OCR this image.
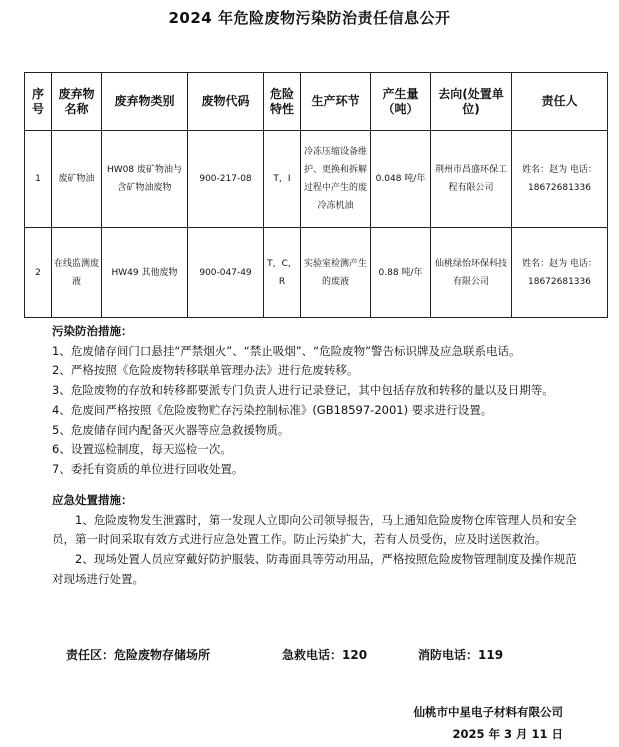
2024 年危险废物污染防治责任信息公开
序号	废弃物名称	废弃物类别	废物代码	危险特性	生产环节	产生量（吨）	去向(处置单位)	责任人
1	废矿物油	HW08 废矿物油与含矿物油废物	900-217-08	T，I	冷冻压缩设备维护、更换和拆解过程中产生的废冷冻机油	0.048 吨/年	荆州市昌盛环保工程有限公司	姓名：赵为 电话：18672681336
2	在线监测废液	HW49 其他废物	900-047-49	T，C，R	实验室检测产生的废液	0.88 吨/年	仙桃绿怡环保科技有限公司	姓名：赵为 电话：18672681336
污染防治措施：

1、危废储存间门口悬挂“严禁烟火”、“禁止吸烟”、“危险废物”警告标识牌及应急联系电话。

2、严格按照《危险废物转移联单管理办法》进行危废转移。

3、危险废物的存放和转移都要派专门负责人进行记录登记，其中包括存放和转移的量以及日期等。

4、危废间严格按照《危险废物贮存污染控制标准》(GB18597-2001) 要求进行设置。

5、危废储存间内配备灭火器等应急救援物质。

6、设置巡检制度，每天巡检一次。

7、委托有资质的单位进行回收处置。

应急处置措施：

1、危险废物发生泄露时，第一发现人立即向公司领导报告，马上通知危险废物仓库管理人员和安全员，第一时间采取有效方式进行应急处置工作。防止污染扩大，若有人员受伤，应及时送医救治。

2、现场处置人员应穿戴好防护服装、防毒面具等劳动用品，严格按照危险废物管理制度及操作规范对现场进行处置。

责任区：危险废物存储场所	急救电话：120	消防电话：119
仙桃市中星电子材料有限公司
2025 年 3 月 11 日
